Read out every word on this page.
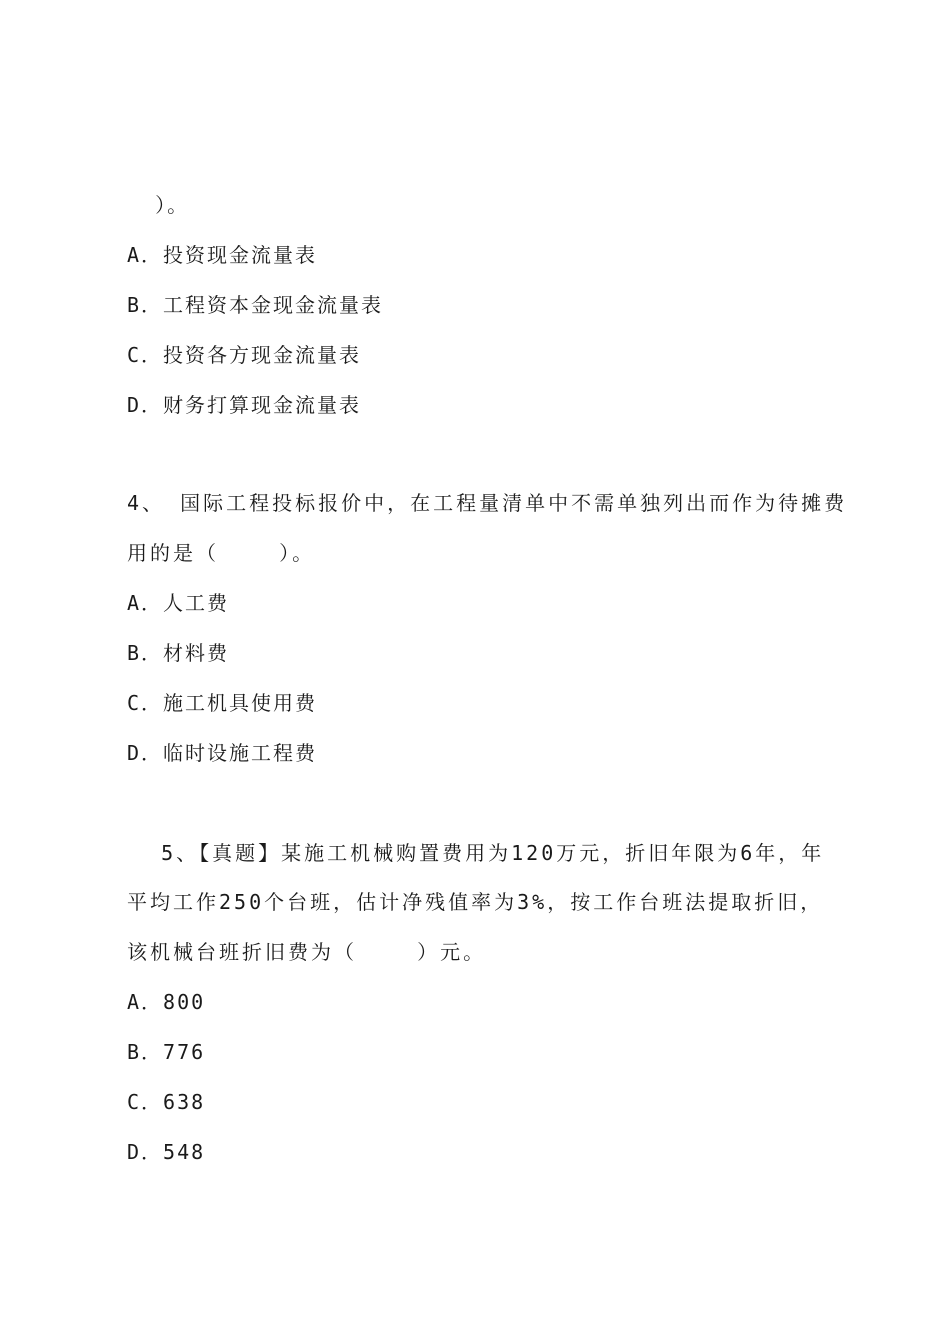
）。
A．投资现金流量表
B．工程资本金现金流量表
C．投资各方现金流量表
D．财务打算现金流量表
4、 国际工程投标报价中，在工程量清单中不需单独列出而作为待摊费
用的是（    ）。
A．人工费
B．材料费
C．施工机具使用费
D．临时设施工程费
5、【真题】某施工机械购置费用为120万元，折旧年限为6年，年
平均工作250个台班，估计净残值率为3%，按工作台班法提取折旧，
该机械台班折旧费为（    ）元。
A．800
B．776
C．638
D．548
